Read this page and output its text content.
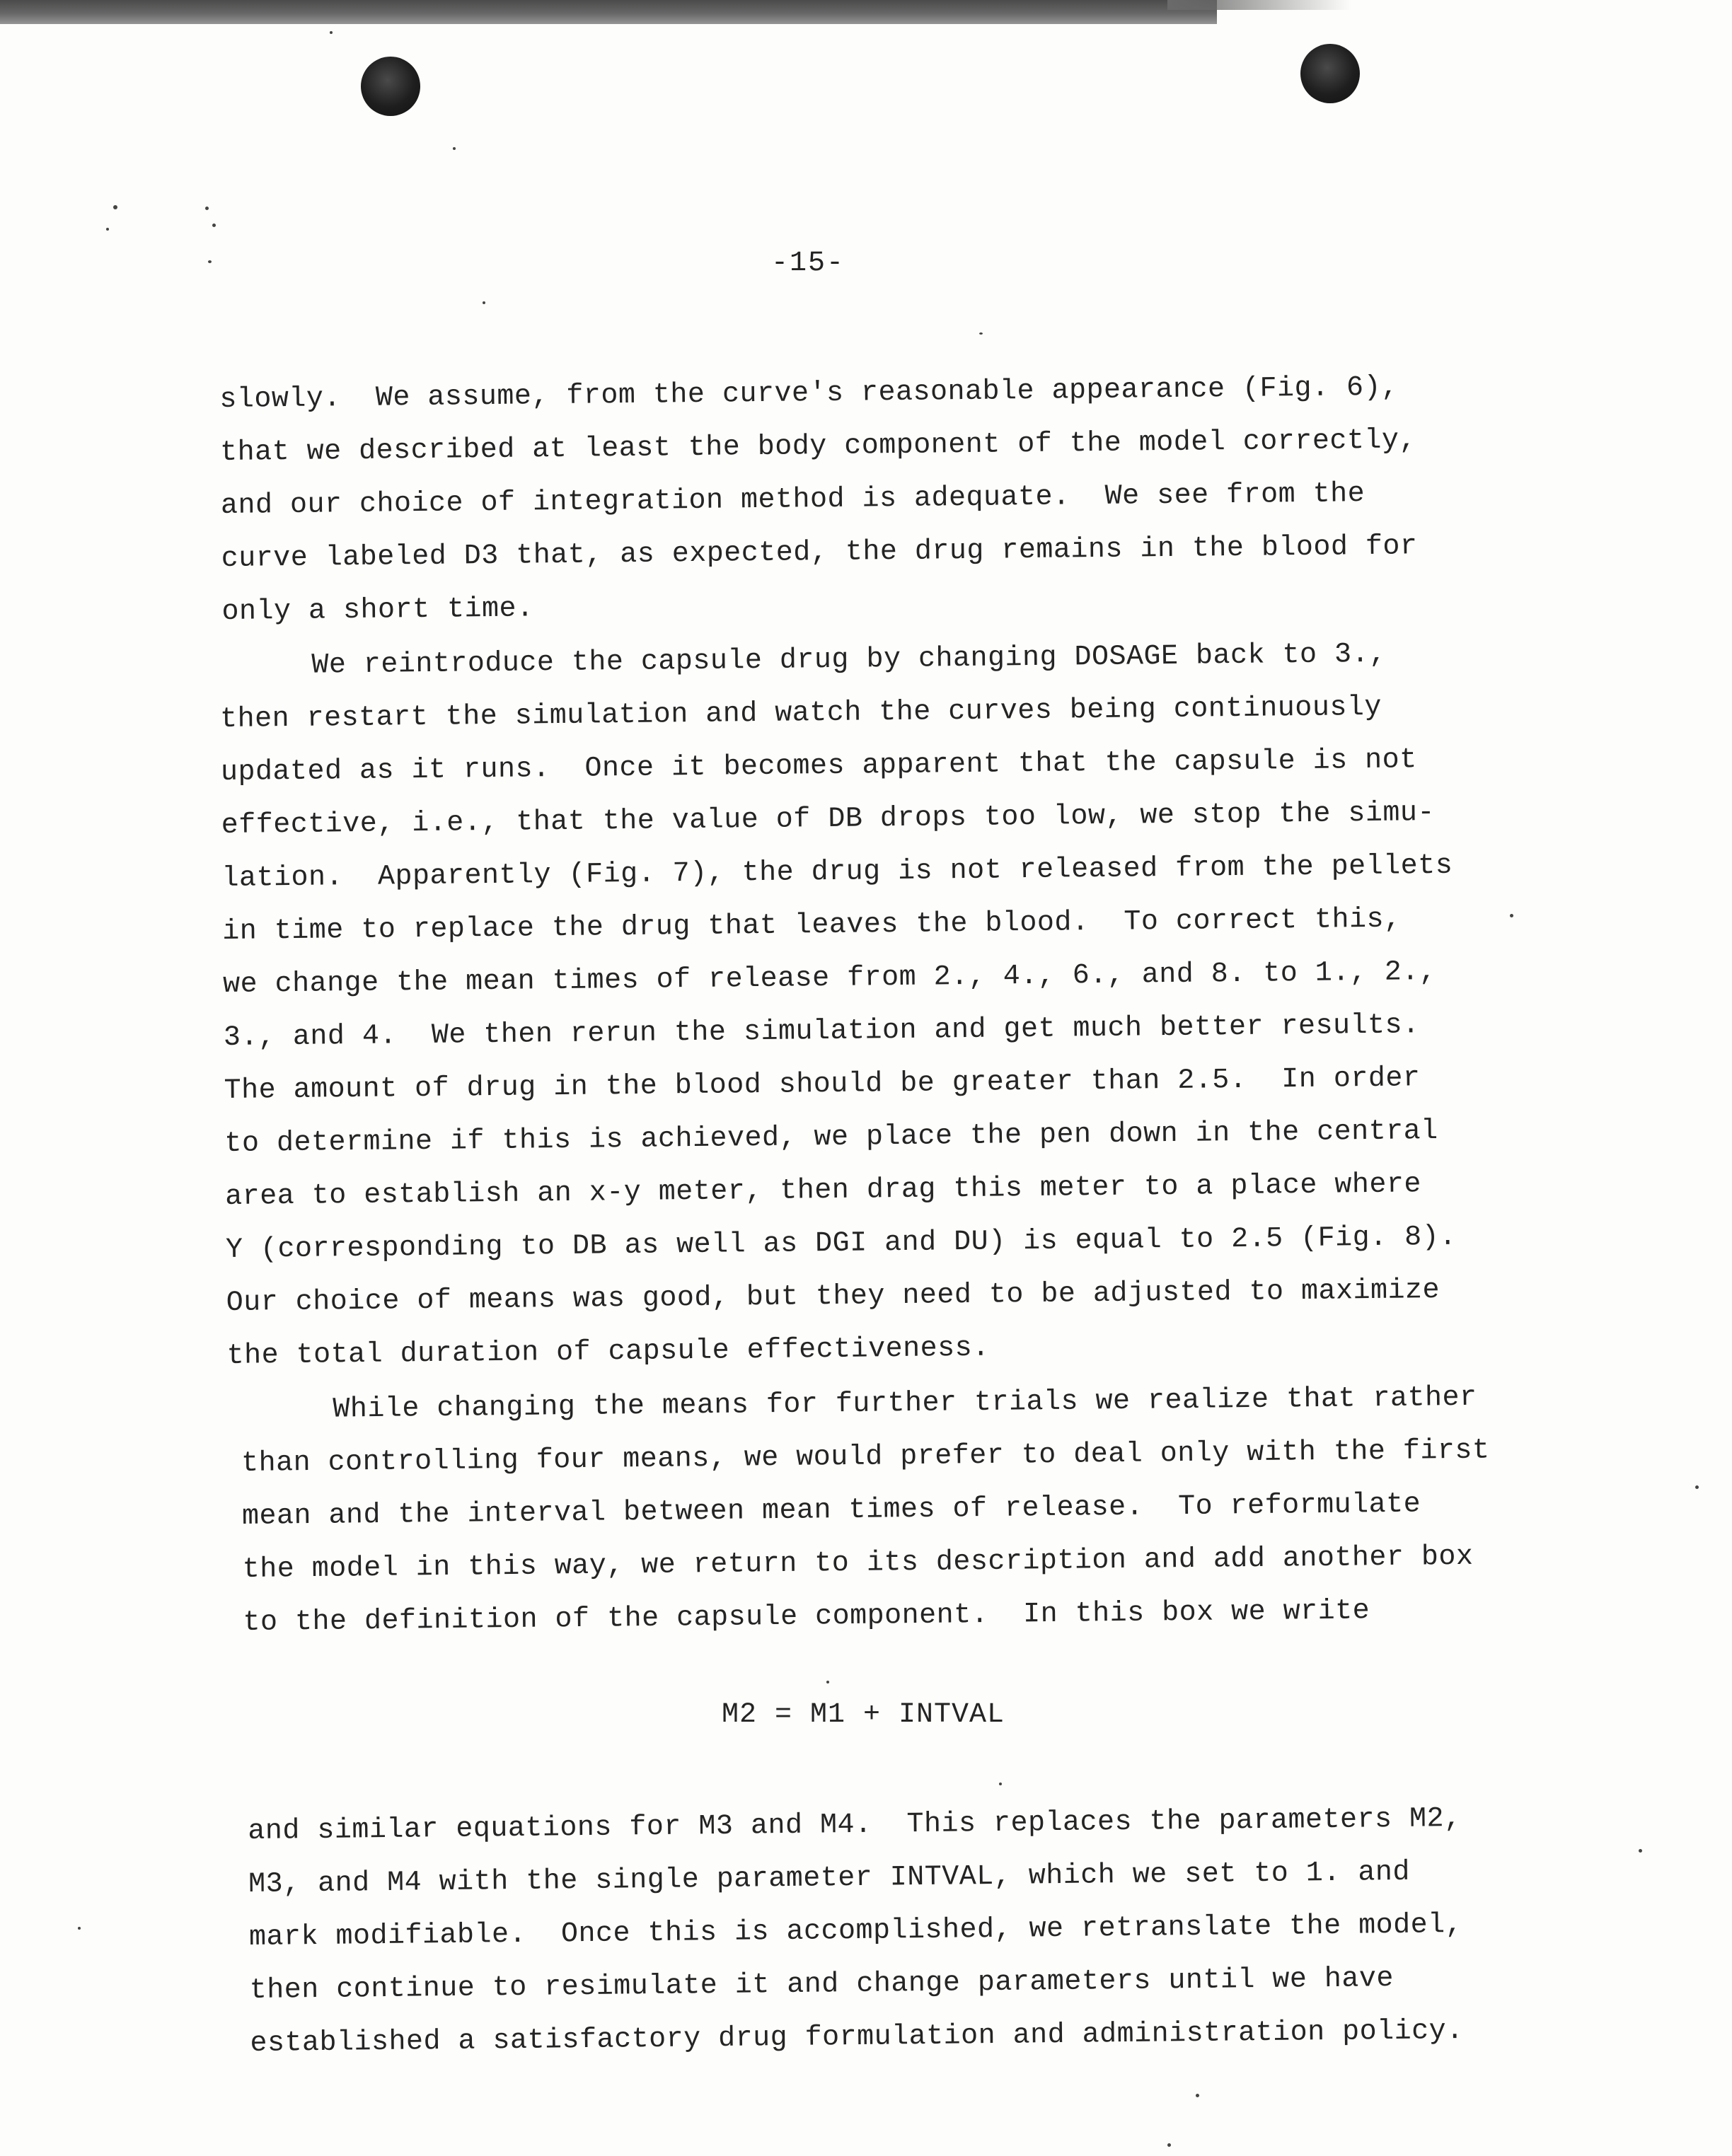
-15-
slowly.  We assume, from the curve's reasonable appearance (Fig. 6),
that we described at least the body component of the model correctly,
and our choice of integration method is adequate.  We see from the
curve labeled D3 that, as expected, the drug remains in the blood for
only a short time.
We reintroduce the capsule drug by changing DOSAGE back to 3.,
then restart the simulation and watch the curves being continuously
updated as it runs.  Once it becomes apparent that the capsule is not
effective, i.e., that the value of DB drops too low, we stop the simu-
lation.  Apparently (Fig. 7), the drug is not released from the pellets
in time to replace the drug that leaves the blood.  To correct this,
we change the mean times of release from 2., 4., 6., and 8. to 1., 2.,
3., and 4.  We then rerun the simulation and get much better results.
The amount of drug in the blood should be greater than 2.5.  In order
to determine if this is achieved, we place the pen down in the central
area to establish an x-y meter, then drag this meter to a place where
Y (corresponding to DB as well as DGI and DU) is equal to 2.5 (Fig. 8).
Our choice of means was good, but they need to be adjusted to maximize
the total duration of capsule effectiveness.
While changing the means for further trials we realize that rather
than controlling four means, we would prefer to deal only with the first
mean and the interval between mean times of release.  To reformulate
the model in this way, we return to its description and add another box
to the definition of the capsule component.  In this box we write
M2 = M1 + INTVAL
and similar equations for M3 and M4.  This replaces the parameters M2,
M3, and M4 with the single parameter INTVAL, which we set to 1. and
mark modifiable.  Once this is accomplished, we retranslate the model,
then continue to resimulate it and change parameters until we have
established a satisfactory drug formulation and administration policy.
